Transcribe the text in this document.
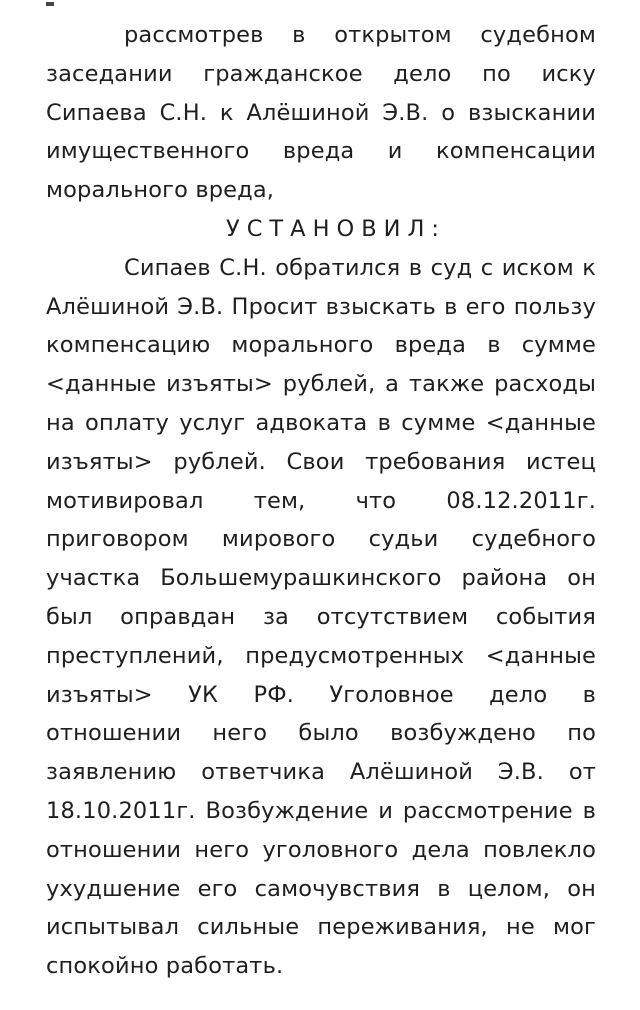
рассмотрев в открытом судебном
заседании гражданское дело по иску
Сипаева С.Н. к Алёшиной Э.В. о взыскании
имущественного вреда и компенсации
морального вреда,
УСТАНОВИЛ:
Сипаев С.Н. обратился в суд с иском к
Алёшиной Э.В. Просит взыскать в его пользу
компенсацию морального вреда в сумме
<данные изъяты> рублей, а также расходы
на оплату услуг адвоката в сумме <данные
изъяты> рублей. Свои требования истец
мотивировал тем, что 08.12.2011г.
приговором мирового судьи судебного
участка Большемурашкинского района он
был оправдан за отсутствием события
преступлений, предусмотренных <данные
изъяты> УК РФ. Уголовное дело в
отношении него было возбуждено по
заявлению ответчика Алёшиной Э.В. от
18.10.2011г. Возбуждение и рассмотрение в
отношении него уголовного дела повлекло
ухудшение его самочувствия в целом, он
испытывал сильные переживания, не мог
спокойно работать.
